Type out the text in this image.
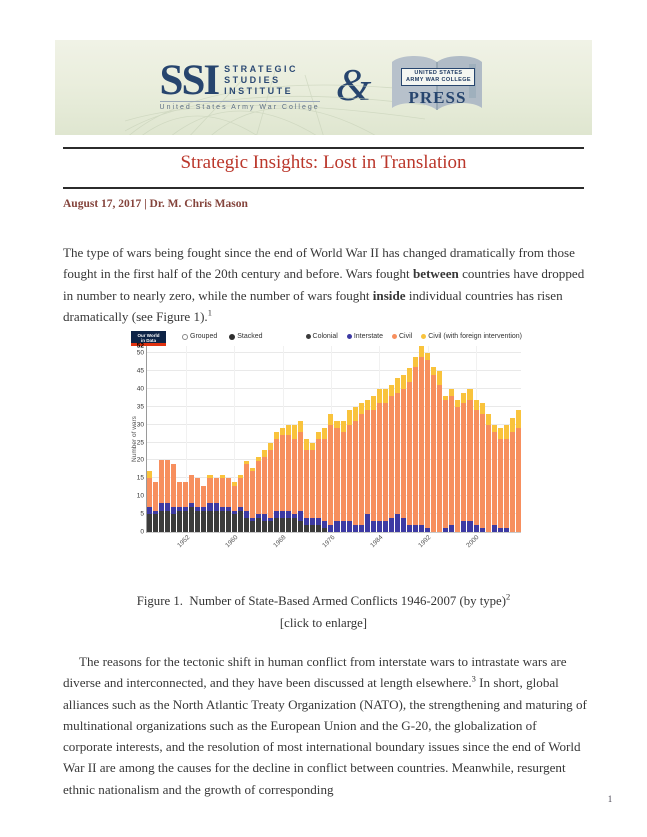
SSI STRATEGIC
STUDIES
INSTITUTE
United States Army War College &	UNITED STATES
ARMY WAR COLLEGE
PRESS
Strategic Insights: Lost in Translation
August 17, 2017 | Dr. M. Chris Mason

The type of wars being fought since the end of World War II has changed dramatically from those fought in the first half of the 20th century and before. Wars fought between countries have dropped in number to nearly zero, while the number of wars fought inside individual countries has risen dramatically (see Figure 1).$^1$

Our World
in Data
Grouped	Stacked	Colonial Interstate Civil Civil (with foreign intervention)
Number of wars
0
5
10
15
20
25
30
35
40
45
50
52
1952	1960	1968	1976	1984	1992	2000
Figure 1.  Number of State-Based Armed Conflicts 1946-2007 (by type)$^2$
[click to enlarge]

The reasons for the tectonic shift in human conflict from interstate wars to intrastate wars are diverse and interconnected, and they have been discussed at length elsewhere.$^3$ In short, global alliances such as the North Atlantic Treaty Organization (NATO), the strengthening and maturing of multinational organizations such as the European Union and the G-20, the globalization of corporate interests, and the resolution of most international boundary issues since the end of World War II are among the causes for the decline in conflict between countries. Meanwhile, resurgent ethnic nationalism and the growth of corresponding

1
